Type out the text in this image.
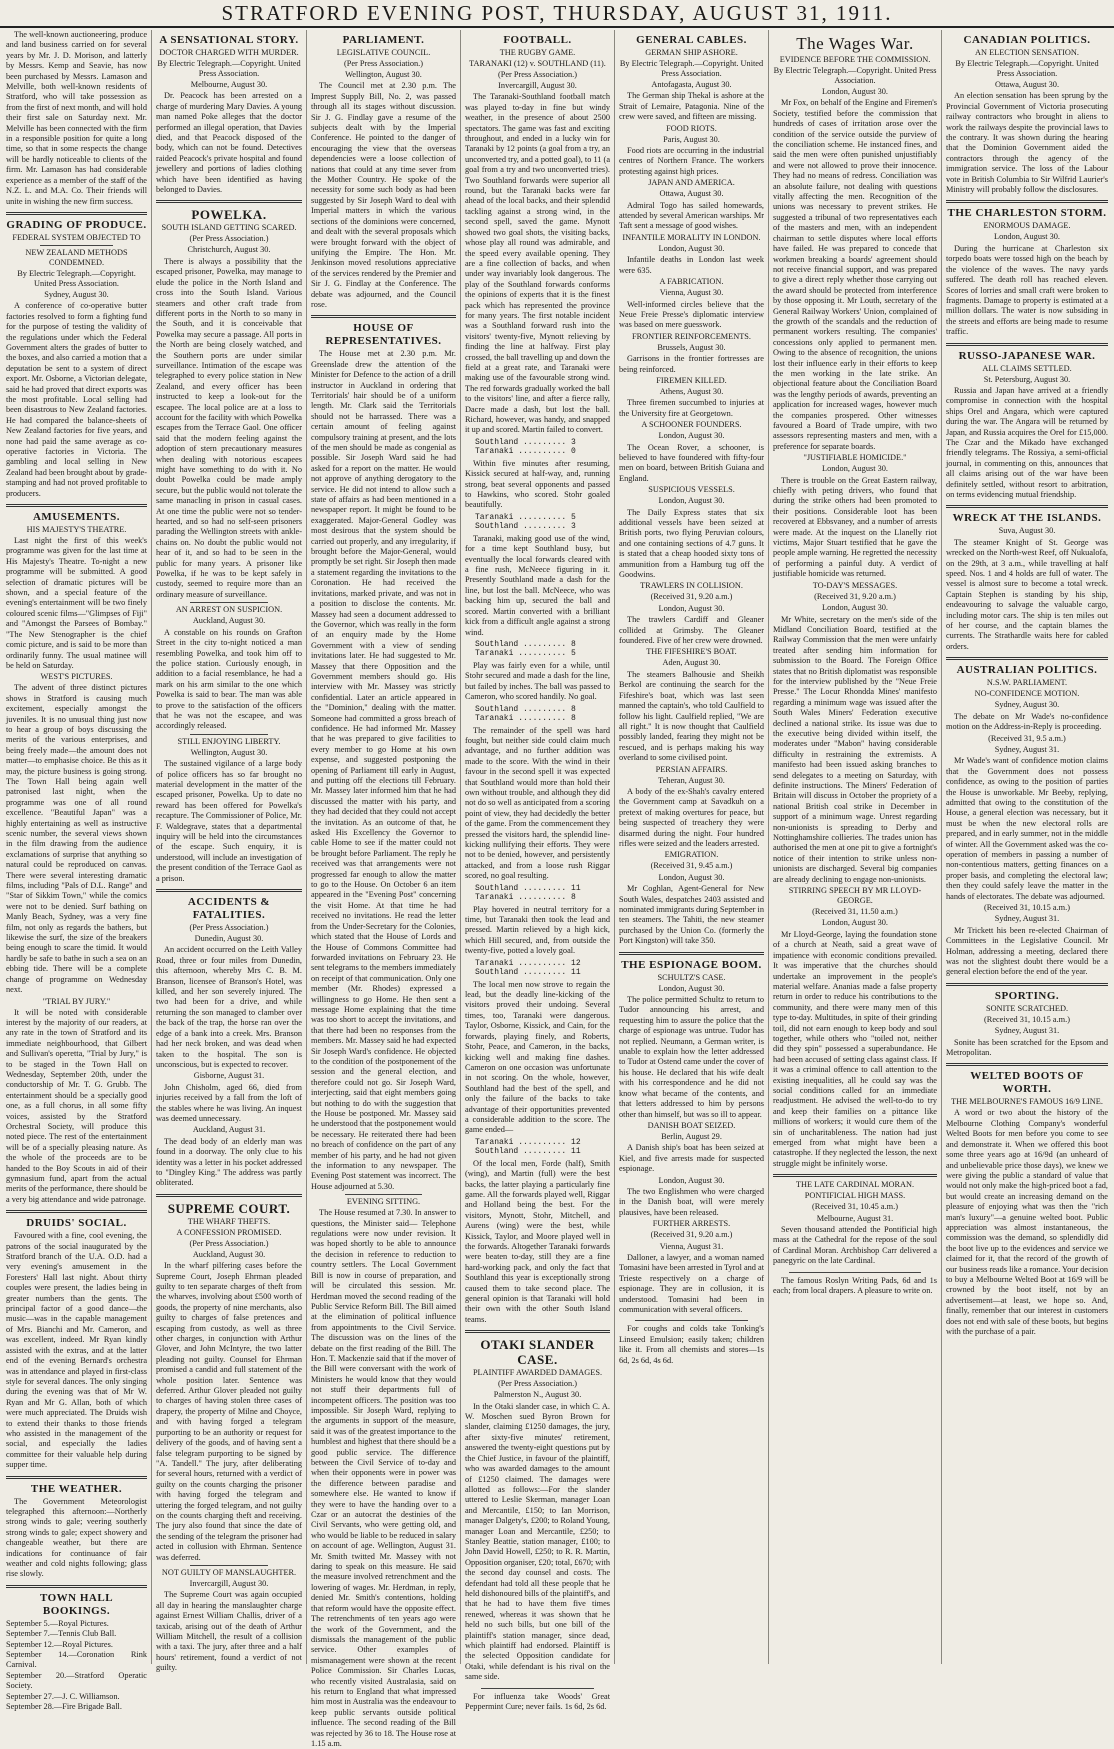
STRATFORD EVENING POST, THURSDAY, AUGUST 31, 1911.

The well-known auctioneering, produce and land business carried on for several years by Mr. J. D. Morison, and latterly by Messrs. Kemp and Seavie, has now been purchased by Messrs. Lamason and Melville, both well-known residents of Stratford, who will take possession as from the first of next month, and will hold their first sale on Saturday next. Mr. Melville has been connected with the firm in a responsible position for quite a long time, so that in some respects the change will be hardly noticeable to clients of the firm. Mr. Lamason has had considerable experience as a member of the staff of the N.Z. L. and M.A. Co. Their friends will unite in wishing the new firm success.

GRADING OF PRODUCE.
FEDERAL SYSTEM OBJECTED TO
NEW ZEALAND METHODS CONDEMNED.
By Electric Telegraph.—Copyright. United Press Association.
Sydney, August 30.

A conference of co-operative butter factories resolved to form a fighting fund for the purpose of testing the validity of the regulations under which the Federal Government alters the grades of butter to the boxes, and also carried a motion that a deputation be sent to a system of direct export. Mr. Osborne, a Victorian delegate, said he had proved that direct exports was the most profitable. Local selling had been disastrous to New Zealand factories. He had compared the balance-sheets of New Zealand factories for five years, and none had paid the same average as co-operative factories in Victoria. The gambling and local selling in New Zealand had been brought about by grade-stamping and had not proved profitable to producers.

AMUSEMENTS.
HIS MAJESTY'S THEATRE.

Last night the first of this week's programme was given for the last time at His Majesty's Theatre. To-night a new programme will be submitted. A good selection of dramatic pictures will be shown, and a special feature of the evening's entertainment will be two finely coloured scenic films—"Glimpses of Fiji" and "Amongst the Parsees of Bombay." "The New Stenographer is the chief comic picture, and is said to be more than ordinarily funny. The usual matinee will be held on Saturday.

WEST'S PICTURES.

The advent of three distinct pictures shows in Stratford is causing much excitement, especially amongst the juveniles. It is no unusual thing just now to hear a group of boys discussing the merits of the various enterprises, and being freely made—the amount does not matter—to emphasise choice. Be this as it may, the picture business is going strong. The Town Hall being again well patronised last night, when the programme was one of all round excellence. "Beautiful Japan" was a highly entertaining as well as instructive scenic number, the several views shown in the film drawing from the audience exclamations of surprise that anything so natural could be reproduced on canvas. There were several interesting dramatic films, including "Pals of D.L. Range" and "Star of Sikkim Town," while the comics were not to be denied. Surf bathing on Manly Beach, Sydney, was a very fine film, not only as regards the bathers, but likewise the surf, the size of the breakers being enough to scare the timid. It would hardly be safe to bathe in such a sea on an ebbing tide. There will be a complete change of programme on Wednesday next.

"TRIAL BY JURY."

It will be noted with considerable interest by the majority of our readers, at any rate in the town of Stratford and its immediate neighbourhood, that Gilbert and Sullivan's operetta, "Trial by Jury," is to be staged in the Town Hall on Wednesday, September 20th, under the conductorship of Mr. T. G. Grubb. The entertainment should be a specially good one, as a full chorus, in all some fifty voices, assisted by the Stratford Orchestral Society, will produce this noted piece. The rest of the entertainment will be of a specially pleasing nature. As the whole of the proceeds are to be handed to the Boy Scouts in aid of their gymnasium fund, apart from the actual merits of the performance, there should be a very big attendance and wide patronage.

DRUIDS' SOCIAL.

Favoured with a fine, cool evening, the patrons of the social inaugurated by the Stratford branch of the U.A. O.D. had a very evening's amusement in the Foresters' Hall last night. About thirty couples were present, the ladies being in greater numbers than the gents. The principal factor of a good dance—the music—was in the capable management of Mrs. Bianchi and Mr. Cameron, and was excellent, indeed. Mr Ryan kindly assisted with the extras, and at the latter end of the evening Bernard's orchestra was in attendance and played in first-class style for several dances. The only singing during the evening was that of Mr W. Ryan and Mr G. Allan, both of which were much appreciated. The Druids wish to extend their thanks to those friends who assisted in the management of the social, and especially the ladies committee for their valuable help during supper time.

THE WEATHER.

The Government Meteorologist telegraphed this afternoon:—Northerly strong winds to gale; veering southerly strong winds to gale; expect showery and changeable weather, but there are indications for continuance of fair weather and cold nights following; glass rise slowly.

TOWN HALL BOOKINGS.
September 5.—Royal Pictures.
September 7.—Tennis Club Ball.
September 12.—Royal Pictures.
September 14.—Coronation Rink Carnival.
September 20.—Stratford Operatic Society.
September 27.—J. C. Williamson.
September 28.—Fire Brigade Ball.
A SENSATIONAL STORY.
DOCTOR CHARGED WITH MURDER.
By Electric Telegraph.—Copyright. United Press Association.
Melbourne, August 30.

Dr. Peacock has been arrested on a charge of murdering Mary Davies. A young man named Poke alleges that the doctor performed an illegal operation, that Davies died, and that Peacock disposed of the body, which can not be found. Detectives raided Peacock's private hospital and found jewellery and portions of ladies clothing which have been identified as having belonged to Davies.

POWELKA.
SOUTH ISLAND GETTING SCARED.
(Per Press Association.)
Christchurch, August 30.

There is always a possibility that the escaped prisoner, Powelka, may manage to elude the police in the North Island and cross into the South Island. Various steamers and other craft trade from different ports in the North to so many in the South, and it is conceivable that Powelka may secure a passage. All ports in the North are being closely watched, and the Southern ports are under similar surveillance. Intimation of the escape was telegraphed to every police station in New Zealand, and every officer has been instructed to keep a look-out for the escapee. The local police are at a loss to account for the facility with which Powelka escapes from the Terrace Gaol. One officer said that the modern feeling against the adoption of stern precautionary measures when dealing with notorious escapees might have something to do with it. No doubt Powelka could be made amply secure, but the public would not tolerate the same manacling in prison in casual cases. At one time the public were not so tender-hearted, and so had no self-seen prisoners parading the Wellington streets with ankle-chains on. No doubt the public would not hear of it, and so had to be seen in the public for many years. A prisoner like Powelka, if he was to be kept safely in custody, seemed to require more than an ordinary measure of surveillance.

AN ARREST ON SUSPICION.
Auckland, August 30.

A constable on his rounds on Grafton Street in the city to-night noticed a man resembling Powelka, and took him off to the police station. Curiously enough, in addition to a facial resemblance, he had a mark on his arm similar to the one which Powelka is said to bear. The man was able to prove to the satisfaction of the officers that he was not the escapee, and was accordingly released.

STILL ENJOYING LIBERTY.
Wellington, August 30.

The sustained vigilance of a large body of police officers has so far brought no material development in the matter of the escaped prisoner, Powelka. Up to date no reward has been offered for Powelka's recapture. The Commissioner of Police, Mr. F. Waldegrave, states that a departmental inquiry will be held into the circumstances of the escape. Such enquiry, it is understood, will include an investigation of the present condition of the Terrace Gaol as a prison.

ACCIDENTS & FATALITIES.
(Per Press Association.)
Dunedin, August 30.

An accident occurred on the Leith Valley Road, three or four miles from Dunedin, this afternoon, whereby Mrs C. B. M. Branson, licensee of Branson's Hotel, was killed, and her son severely injured. The two had been for a drive, and while returning the son managed to clamber over the back of the trap, the horse ran over the edge of a bank into a creek. Mrs. Branson had her neck broken, and was dead when taken to the hospital. The son is unconscious, but is expected to recover.

Gisborne, August 31.

John Chisholm, aged 66, died from injuries received by a fall from the loft of the stables where he was living. An inquest was deemed unnecessary.

Auckland, August 31.

The dead body of an elderly man was found in a doorway. The only clue to his identity was a letter in his pocket addressed to "Dingley King." The address was partly obliterated.

SUPREME COURT.
THE WHARF THEFTS.
A CONFESSION PROMISED.
(Per Press Association.)
Auckland, August 30.

In the wharf pilfering cases before the Supreme Court, Joseph Ehrman pleaded guilty to ten separate charges of theft from the wharves, involving about £500 worth of goods, the property of nine merchants, also guilty to charges of false pretences and escaping from custody, as well as three other charges, in conjunction with Arthur Glover, and John McIntyre, the two latter pleading not guilty. Counsel for Ehrman promised a candid and full statement of the whole position later. Sentence was deferred. Arthur Glover pleaded not guilty to charges of having stolen three cases of drapery, the property of Milne and Choyce, and with having forged a telegram purporting to be an authority or request for delivery of the goods, and of having sent a false telegram purporting to be signed by "A. Tandell." The jury, after deliberating for several hours, returned with a verdict of guilty on the counts charging the prisoner with having forged the telegram and uttering the forged telegram, and not guilty on the counts charging theft and receiving. The jury also found that since the date of the sending of the telegram the prisoner had acted in collusion with Ehrman. Sentence was deferred.

NOT GUILTY OF MANSLAUGHTER.
Invercargill, August 30.

The Supreme Court was again occupied all day in hearing the manslaughter charge against Ernest William Challis, driver of a taxicab, arising out of the death of Arthur William Mitchell, the result of a collision with a taxi. The jury, after three and a half hours' retirement, found a verdict of not guilty.

PARLIAMENT.
LEGISLATIVE COUNCIL.
(Per Press Association.)
Wellington, August 30.

The Council met at 2.30 p.m. The Imprest Supply Bill, No. 2, was passed through all its stages without discussion. Sir J. G. Findlay gave a resume of the subjects dealt with by the Imperial Conference. He pointed to the danger of encouraging the view that the overseas dependencies were a loose collection of nations that could at any time sever from the Mother Country. He spoke of the necessity for some such body as had been suggested by Sir Joseph Ward to deal with Imperial matters in which the various sections of the dominions were concerned, and dealt with the several proposals which were brought forward with the object of unifying the Empire. The Hon. Mr. Jenkinson moved resolutions appreciative of the services rendered by the Premier and Sir J. G. Findlay at the Conference. The debate was adjourned, and the Council rose.

HOUSE OF REPRESENTATIVES.

The House met at 2.30 p.m. Mr. Greenslade drew the attention of the Minister for Defence to the action of a drill instructor in Auckland in ordering that Territorials' hair should be of a uniform length. Mr. Clark said the Territorials should not be harrassed. There was a certain amount of feeling against compulsory training at present, and the lots of the men should be made as congenial as possible. Sir Joseph Ward said he had asked for a report on the matter. He would not approve of anything derogatory to the service. He did not intend to allow such a state of affairs as had been mentioned in a newspaper report. It might be found to be exaggerated. Major-General Godley was most desirous that the system should be carried out properly, and any irregularity, if brought before the Major-General, would promptly be set right. Sir Joseph then made a statement regarding the invitations to the Coronation. He had received the invitations, marked private, and was not in a position to disclose the contents. Mr. Massey had seen a document addressed to the Governor, which was really in the form of an enquiry made by the Home Government with a view of sending invitations later. He had suggested to Mr. Massey that there Opposition and the Government members should go. His interview with Mr. Massey was strictly confidential. Later an article appeared in the "Dominion," dealing with the matter. Someone had committed a gross breach of confidence. He had informed Mr. Massey that he was prepared to give facilities to every member to go Home at his own expense, and suggested postponing the opening of Parliament till early in August, and putting off the elections till February. Mr. Massey later informed him that he had discussed the matter with his party, and they had decided that they could not accept the invitation. As an outcome of that, he asked His Excellency the Governor to cable Home to see if the matter could not be brought before Parliament. The reply he received was that arrangements were not progressed far enough to allow the matter to go to the House. On October 6 an item appeared in the "Evening Post" concerning the visit Home. At that time he had received no invitations. He read the letter from the Under-Secretary for the Colonies, which stated that the House of Lords and the House of Commons Committee had forwarded invitations on February 23. He sent telegrams to the members immediately on receipt of that communication. Only one member (Mr. Rhodes) expressed a willingness to go Home. He then sent a message Home explaining that the time was too short to accept the invitations, and that there had been no responses from the members. Mr. Massey said he had expected Sir Joseph Ward's confidence. He objected to the condition of the postponement of the session and the general election, and therefore could not go. Sir Joseph Ward, interjecting, said that eight members going but nothing to do with the suggestion that the House be postponed. Mr. Massey said he understood that the postponement would be necessary. He reiterated there had been no breach of confidence on the part of any member of his party, and he had not given the information to any newspaper. The Evening Post statement was incorrect. The House adjourned at 5.30.

EVENING SITTING.

The House resumed at 7.30. In answer to questions, the Minister said— Telephone regulations were now under revision. It was hoped shortly to be able to announce the decision in reference to reduction to country settlers. The Local Government Bill is now in course of preparation, and will be circulated this session. Mr. Herdman moved the second reading of the Public Service Reform Bill. The Bill aimed at the elimination of political influence from appointments to the Civil Service. The discussion was on the lines of the debate on the first reading of the Bill. The Hon. T. Mackenzie said that if the mover of the Bill were conversant with the work of Ministers he would know that they would not stuff their departments full of incompetent officers. The position was too impossible. Sir Joseph Ward, replying to the arguments in support of the measure, said it was of the greatest importance to the humblest and highest that there should be a good public service. The difference between the Civil Service of to-day and when their opponents were in power was the difference between paradise and somewhere else. He wanted to know if they were to have the handing over to a Czar or an autocrat the destinies of the Civil Servants, who were getting old, and who would be liable to be reduced in salary on account of age. Wellington, August 31. Mr. Smith twitted Mr. Massey with not daring to speak on this measure. He said the measure involved retrenchment and the lowering of wages. Mr. Herdman, in reply, denied Mr. Smith's contentions, holding that reform would have the opposite effect. The retrenchments of ten years ago were the work of the Government, and the dismissals the management of the public service. Other examples of mismanagement were shown at the recent Police Commission. Sir Charles Lucas, who recently visited Australasia, said on his return to England that what impressed him most in Australia was the endeavour to keep public servants outside political influence. The second reading of the Bill was rejected by 36 to 18. The House rose at 1.15 a.m.

FOOTBALL.
THE RUGBY GAME.
TARANAKI (12) v. SOUTHLAND (11).
(Per Press Association.)
Invercargill, August 30.

The Taranaki-Southland football match was played to-day in fine but windy weather, in the presence of about 2500 spectators. The game was fast and exciting throughout, and ended in a lucky win for Taranaki by 12 points (a goal from a try, an unconverted try, and a potted goal), to 11 (a goal from a try and two unconverted tries). Two Southland forwards were superior all round, but the Taranaki backs were far ahead of the local backs, and their splendid tackling against a strong wind, in the second spell, saved the game. Mynott showed two goal shots, the visiting backs, whose play all round was admirable, and the speed every available opening. They are a fine collection of backs, and when under way invariably look dangerous. The play of the Southland forwards conforms the opinions of experts that it is the finest pack which has represented the province for many years. The first notable incident was a Southland forward rush into the visitors' twenty-five, Mynott relieving by finding the line at halfway. First play crossed, the ball travelling up and down the field at a great rate, and Taranaki were making use of the favourable strong wind. The red forwards gradually worked the ball to the visitors' line, and after a fierce rally, Dacre made a dash, but lost the ball. Richard, however, was handy, and snapped it up and scored. Martin failed to convert.

Southland ......... 3
Taranaki .......... 0

Within five minutes after resuming, Kissick secured at half-way, and, running strong, beat several opponents and passed to Hawkins, who scored. Stohr goaled beautifully.

Taranaki .......... 5
Southland ......... 3

Taranaki, making good use of the wind, for a time kept Southland busy, but eventually the local forwards cleared with a fine rush, McNeece figuring in it. Presently Southland made a dash for the line, but lost the ball. McNeece, who was backing him up, secured the ball and scored. Martin converted with a brilliant kick from a difficult angle against a strong wind.

Southland ......... 8
Taranaki .......... 5

Play was fairly even for a while, until Stohr secured and made a dash for the line, but failed by inches. The ball was passed to Cameron, who scored handily. No goal.

Southland ......... 8
Taranaki .......... 8

The remainder of the spell was hard fought, but neither side could claim much advantage, and no further addition was made to the score. With the wind in their favour in the second spell it was expected that Southland would more than hold their own without trouble, and although they did not do so well as anticipated from a scoring point of view, they had decidedly the better of the game. From the commencement they pressed the visitors hard, the splendid line-kicking nullifying their efforts. They were not to be denied, however, and persistently attacked, and from a loose rush Riggar scored, no goal resulting.

Southland ......... 11
Taranaki .......... 8

Play hovered in neutral territory for a time, but Taranaki then took the lead and pressed. Martin relieved by a high kick, which Hill secured, and, from outside the twenty-five, potted a lovely goal.

Taranaki .......... 12
Southland ......... 11

The local men now strove to regain the lead, but the deadly line-kicking of the visitors proved their undoing. Several times, too, Taranaki were dangerous. Taylor, Osborne, Kissick, and Cain, for the forwards, playing finely, and Roberts, Stohr, Peace, and Cameron, in the backs, kicking well and making fine dashes. Cameron on one occasion was unfortunate in not scoring. On the whole, however, Southland had the best of the spell, and only the failure of the backs to take advantage of their opportunities prevented a considerable addition to the score. The game ended—

Taranaki .......... 12
Southland ......... 11

Of the local men, Forde (half), Smith (wing), and Martin (full) were the best backs, the latter playing a particularly fine game. All the forwards played well, Riggar and Holland being the best. For the visitors, Mynott, Stohr, Mitchell, and Aurens (wing) were the best, while Kissick, Taylor, and Moore played well in the forwards. Altogether Taranaki forwards were beaten to-day, still they are a fine hard-working pack, and only the fact that Southland this year is exceptionally strong caused them to take second place. The general opinion is that Taranaki will hold their own with the other South Island teams.

OTAKI SLANDER CASE.
PLAINTIFF AWARDED DAMAGES.
(Per Press Association.)
Palmerston N., August 30.

In the Otaki slander case, in which C. A. W. Moschen sued Byron Brown for slander, claiming £1250 damages, the jury, after sixty-five minutes' retirement, answered the twenty-eight questions put by the Chief Justice, in favour of the plaintiff, who was awarded damages to the amount of £1250 claimed. The damages were allotted as follows:—For the slander uttered to Leslie Skerman, manager Loan and Mercantile, £150; to Ian Morrison, manager Dalgety's, £200; to Roland Young, manager Loan and Mercantile, £250; to Stanley Beattie, station manager, £100; to John David Howell, £250; to R. R. Martin, Opposition organiser, £20; total, £670; with the second day counsel and costs. The defendant had told all these people that he held dishonoured bills of the plaintiff's, and that he had to have them five times renewed, whereas it was shown that he held no such bills, but one bill of the plaintiff's station manager, since dead, which plaintiff had endorsed. Plaintiff is the selected Opposition candidate for Otaki, while defendant is his rival on the same side.

For influenza take Woods' Great Peppermint Cure; never fails. 1s 6d, 2s 6d.

GENERAL CABLES.
GERMAN SHIP ASHORE.
By Electric Telegraph.—Copyright. United Press Association.
Antofagasta, August 30.

The German ship Thekal is ashore at the Strait of Lemaire, Patagonia. Nine of the crew were saved, and fifteen are missing.

FOOD RIOTS.
Paris, August 30.

Food riots are occurring in the industrial centres of Northern France. The workers protesting against high prices.

JAPAN AND AMERICA.
Ottawa, August 30.

Admiral Togo has sailed homewards, attended by several American warships. Mr Taft sent a message of good wishes.

INFANTILE MORALITY IN LONDON.
London, August 30.

Infantile deaths in London last week were 635.

A FABRICATION.
Vienna, August 30.

Well-informed circles believe that the Neue Freie Presse's diplomatic interview was based on mere guesswork.

FRONTIER REINFORCEMENTS.
Brussels, August 30.

Garrisons in the frontier fortresses are being reinforced.

FIREMEN KILLED.
Athens, August 30.

Three firemen succumbed to injuries at the University fire at Georgetown.

A SCHOONER FOUNDERS.
London, August 30.

The Ocean Rover, a schooner, is believed to have foundered with fifty-four men on board, between British Guiana and England.

SUSPICIOUS VESSELS.
London, August 30.

The Daily Express states that six additional vessels have been seized at British ports, two flying Peruvian colours, and one containing sections of 4.7 guns. It is stated that a cheap hooded sixty tons of ammunition from a Hamburg tug off the Goodwins.

TRAWLERS IN COLLISION.
(Received 31, 9.20 a.m.)
London, August 30.

The trawlers Cardiff and Gleaner collided at Grimsby. The Gleaner foundered. Five of her crew were drowned.

THE FIFESHIRE'S BOAT.
Aden, August 30.

The steamers Balhousie and Sheikh Berkol are continuing the search for the Fifeshire's boat, which was last seen manned the captain's, who told Caulfield to follow his light. Caulfield replied, "We are all right." It is now thought that Caulfield possibly landed, fearing they might not be rescued, and is perhaps making his way overland to some civilised point.

PERSIAN AFFAIRS.
Teheran, August 30.

A body of the ex-Shah's cavalry entered the Government camp at Savadkuh on a pretext of making overtures for peace, but being suspected of treachery they were disarmed during the night. Four hundred rifles were seized and the leaders arrested.

EMIGRATION.
(Received 31, 9.45 a.m.)
London, August 30.

Mr Coghlan, Agent-General for New South Wales, despatches 2403 assisted and nominated immigrants during September in ten steamers. The Tahiti, the new steamer purchased by the Union Co. (formerly the Port Kingston) will take 350.

THE ESPIONAGE BOOM.
SCHULTZ'S CASE.
London, August 30.

The police permitted Schultz to return to Tudor announcing his arrest, and requesting him to assure the police that the charge of espionage was untrue. Tudor has not replied. Neumann, a German writer, is unable to explain how the letter addressed to Tudor at Ostend came under the cover of his house. He declared that his wife dealt with his correspondence and he did not know what became of the contents, and that letters addressed to him by persons other than himself, but was so ill to appear.

DANISH BOAT SEIZED.
Berlin, August 29.

A Danish ship's boat has been seized at Kiel, and five arrests made for suspected espionage.

London, August 30.

The two Englishmen who were charged in the Danish boat, will were merely plausives, have been released.

FURTHER ARRESTS.
(Received 31, 9.20 a.m.)
Vienna, August 31.

Dalloner, a lawyer, and a woman named Tomasini have been arrested in Tyrol and at Trieste respectively on a charge of espionage. They are in collusion, it is understood. Tomasini had been in communication with several officers.

For coughs and colds take Tonking's Linseed Emulsion; easily taken; children like it. From all chemists and stores—1s 6d, 2s 6d, 4s 6d.

The Wages War.
EVIDENCE BEFORE THE COMMISSION.
By Electric Telegraph.—Copyright. United Press Association.
London, August 30.

Mr Fox, on behalf of the Engine and Firemen's Society, testified before the commission that hundreds of cases of irritation arose over the condition of the service outside the purview of the conciliation scheme. He instanced fines, and said the men were often punished unjustifiably and were not allowed to prove their innocence. They had no means of redress. Conciliation was an absolute failure, not dealing with questions vitally affecting the men. Recognition of the unions was necessary to prevent strikes. He suggested a tribunal of two representatives each of the masters and men, with an independent chairman to settle disputes where local efforts have failed. He was prepared to concede that workmen breaking a boards' agreement should not receive financial support, and was prepared to give a direct reply whether those carrying out the award should be protected from interference by those opposing it. Mr Louth, secretary of the General Railway Workers' Union, complained of the growth of the scandals and the reduction of permanent workers resulting. The companies' concessions only applied to permanent men. Owing to the absence of recognition, the unions lost their influence early in their efforts to keep the men working in the late strike. An objectional feature about the Conciliation Board was the lengthy periods of awards, preventing an application for increased wages, however much the companies prospered. Other witnesses favoured a Board of Trade umpire, with two assessors representing masters and men, with a preference for separate boards.

"JUSTIFIABLE HOMICIDE."
London, August 30.

There is trouble on the Great Eastern railway, chiefly with peting drivers, who found that during the strike others had been promoted to their positions. Considerable loot has been recovered at Ebbsvaney, and a number of arrests were made. At the inquest on the Llanelly riot victims, Major Stuart testified that he gave the people ample warning. He regretted the necessity of performing a painful duty. A verdict of justifiable homicide was returned.

TO-DAY'S MESSAGES.
(Received 31, 9.20 a.m.)
London, August 30.

Mr White, secretary on the men's side of the Midland Conciliation Board, testified at the Railway Commission that the men were unfairly treated after sending him information for submission to the Board. The Foreign Office states that no British diplomatist was responsible for the interview published by the "Neue Freie Presse." The Locur Rhondda Mines' manifesto regarding a minimum wage was issued after the South Wales Miners' Federation executive declined a national strike. Its issue was due to the executive being divided within itself, the moderates under "Mabon" having considerable difficulty in restraining the extremists. A manifesto had been issued asking branches to send delegates to a meeting on Saturday, with definite instructions. The Miners' Federation of Britain will discuss in October the propriety of a national British coal strike in December in support of a minimum wage. Unrest regarding non-unionists is spreading to Derby and Nottinghamshire collieries. The trades union has authorised the men at one pit to give a fortnight's notice of their intention to strike unless non-unionists are discharged. Several big companies are already declining to engage non-unionists.

STIRRING SPEECH BY MR LLOYD-GEORGE.
(Received 31, 11.50 a.m.)
London, August 30.

Mr Lloyd-George, laying the foundation stone of a church at Neath, said a great wave of impatience with economic conditions prevailed. It was imperative that the churches should undertake an improvement in the people's material welfare. Ananias made a false property return in order to reduce his contributions to the community, and there were many men of this type to-day. Multitudes, in spite of their grinding toil, did not earn enough to keep body and soul together, while others who "toiled not, neither did they spin" possessed a superabundance. He had been accused of setting class against class. If it was a criminal offence to call attention to the existing inequalities, all he could say was the social conditions called for an immediate readjustment. He advised the well-to-do to try and keep their families on a pittance like millions of workers; it would cure them of the sin of uncharitableness. The nation had just emerged from what might have been a catastrophe. If they neglected the lesson, the next struggle might be infinitely worse.

THE LATE CARDINAL MORAN.
PONTIFICIAL HIGH MASS.
(Received 31, 10.45 a.m.)
Melbourne, August 31.

Seven thousand attended the Pontificial high mass at the Cathedral for the repose of the soul of Cardinal Moran. Archbishop Carr delivered a panegyric on the late Cardinal.

The famous Roslyn Writing Pads, 6d and 1s each; from local drapers. A pleasure to write on.

CANADIAN POLITICS.
AN ELECTION SENSATION.
By Electric Telegraph.—Copyright. United Press Association.
Ottawa, August 30.

An election sensation has been sprung by the Provincial Government of Victoria prosecuting railway contractors who brought in aliens to work the railways despite the provincial laws to the contrary. It was shown during the hearing that the Dominion Government aided the contractors through the agency of the immigration service. The loss of the Labour vote in British Columbia to Sir Wilfrid Laurier's Ministry will probably follow the disclosures.

THE CHARLESTON STORM.
ENORMOUS DAMAGE.
London, August 30.

During the hurricane at Charleston six torpedo boats were tossed high on the beach by the violence of the waves. The navy yards suffered. The death roll has reached eleven. Scores of lorries and small craft were broken to fragments. Damage to property is estimated at a million dollars. The water is now subsiding in the streets and efforts are being made to resume traffic.

RUSSO-JAPANESE WAR.
ALL CLAIMS SETTLED.
St. Petersburg, August 30.

Russia and Japan have arrived at a friendly compromise in connection with the hospital ships Orel and Angara, which were captured during the war. The Angara will be returned by Japan, and Russia acquires the Orel for £15,000. The Czar and the Mikado have exchanged friendly telegrams. The Rossiya, a semi-official journal, in commenting on this, announces that all claims arising out of the war have been definitely settled, without resort to arbitration, on terms evidencing mutual friendship.

WRECK AT THE ISLANDS.
Suva, August 30.

The steamer Knight of St. George was wrecked on the North-west Reef, off Nukualofa, on the 29th, at 3 a.m., while travelling at half speed. Nos. 1 and 4 holds are full of water. The vessel is almost sure to become a total wreck. Captain Stephen is standing by his ship, endeavouring to salvage the valuable cargo, including motor cars. The ship is ten miles out of her course, and the captain blames the currents. The Strathardle waits here for cabled orders.

AUSTRALIAN POLITICS.
N.S.W. PARLIAMENT.
NO-CONFIDENCE MOTION.
Sydney, August 30.

The debate on Mr Wade's no-confidence motion on the Address-in-Reply is proceeding.

(Received 31, 9.5 a.m.)
Sydney, August 31.

Mr Wade's want of confidence motion claims that the Government does not possess confidence, as owing to the position of parties the House is unworkable. Mr Beeby, replying, admitted that owing to the constitution of the House, a general election was necessary, but it must be when the new electoral rolls are prepared, and in early summer, not in the middle of winter. All the Government asked was the co-operation of members in passing a number of non-contentious matters, getting finances on a proper basis, and completing the electoral law; then they could safely leave the matter in the hands of electorates. The debate was adjourned.

(Received 31, 10.15 a.m.)
Sydney, August 31.

Mr Trickett his been re-elected Chairman of Committees in the Legislative Council. Mr Holman, addressing a meeting, declared there was not the slightest doubt there would be a general election before the end of the year.

SPORTING.
SONITE SCRATCHED.
(Received 31, 10.15 a.m.)
Sydney, August 31.

Sonite has been scratched for the Epsom and Metropolitan.

WELTED BOOTS OF WORTH.
THE MELBOURNE'S FAMOUS 16/9 LINE.

A word or two about the history of the Melbourne Clothing Company's wonderful Welted Boots for men before you come to see and demonstrate it. When we offered this boot some three years ago at 16/9d (an unheard of and unbelievable price those days), we knew we were giving the public a standard of value that would not only make the high-priced boot a fad, but would create an increasing demand on the pleasure of enjoying what was then the "rich man's luxury"—a genuine welted boot. Public appreciation was almost instantaneous, the commission was the demand, so splendidly did the boot live up to the evidences and service we claimed for it, that the record of the growth of our business reads like a romance. Your decision to buy a Melbourne Welted Boot at 16/9 will be crowned by the boot itself, not by an advertisement—at least, we hope so. And, finally, remember that our interest in customers does not end with sale of these boots, but begins with the purchase of a pair.
